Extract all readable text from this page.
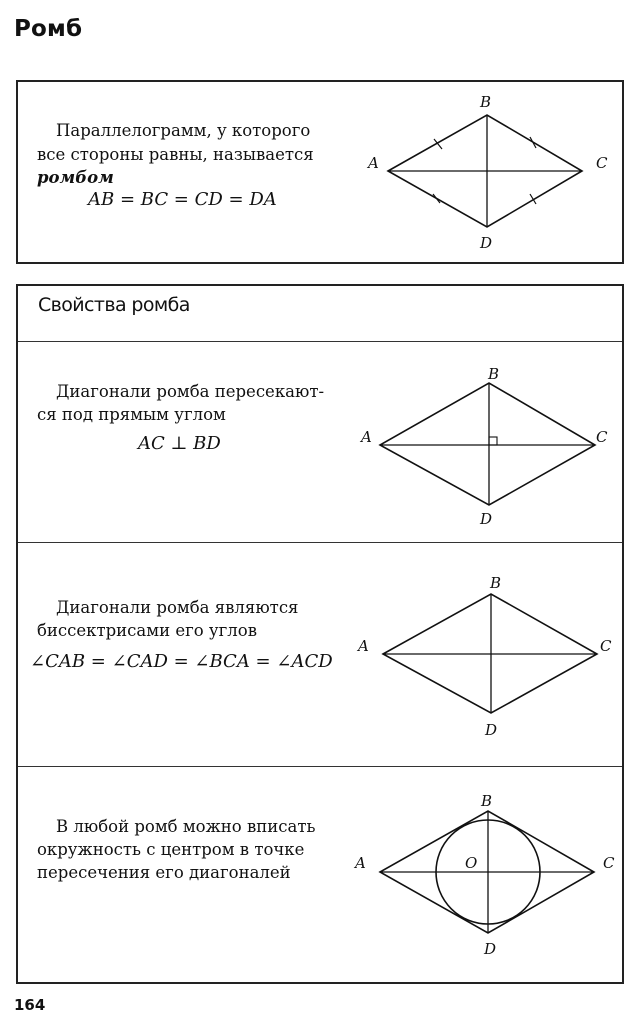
Ромб
Параллелограмм, у которого
все стороны равны, называется
ромбом
AB = BC = CD = DA
B
A	C
D
Свойства ромба
Диагонали ромба пересекают-
ся под прямым углом
AC ⊥ BD
B
A	C
D
Диагонали ромба являются
биссектрисами его углов
∠CAB = ∠CAD = ∠BCA = ∠ACD
B
A	C
D
В любой ромб можно вписать
окружность с центром в точке
пересечения его диагоналей
B
A	C
D
O
164
